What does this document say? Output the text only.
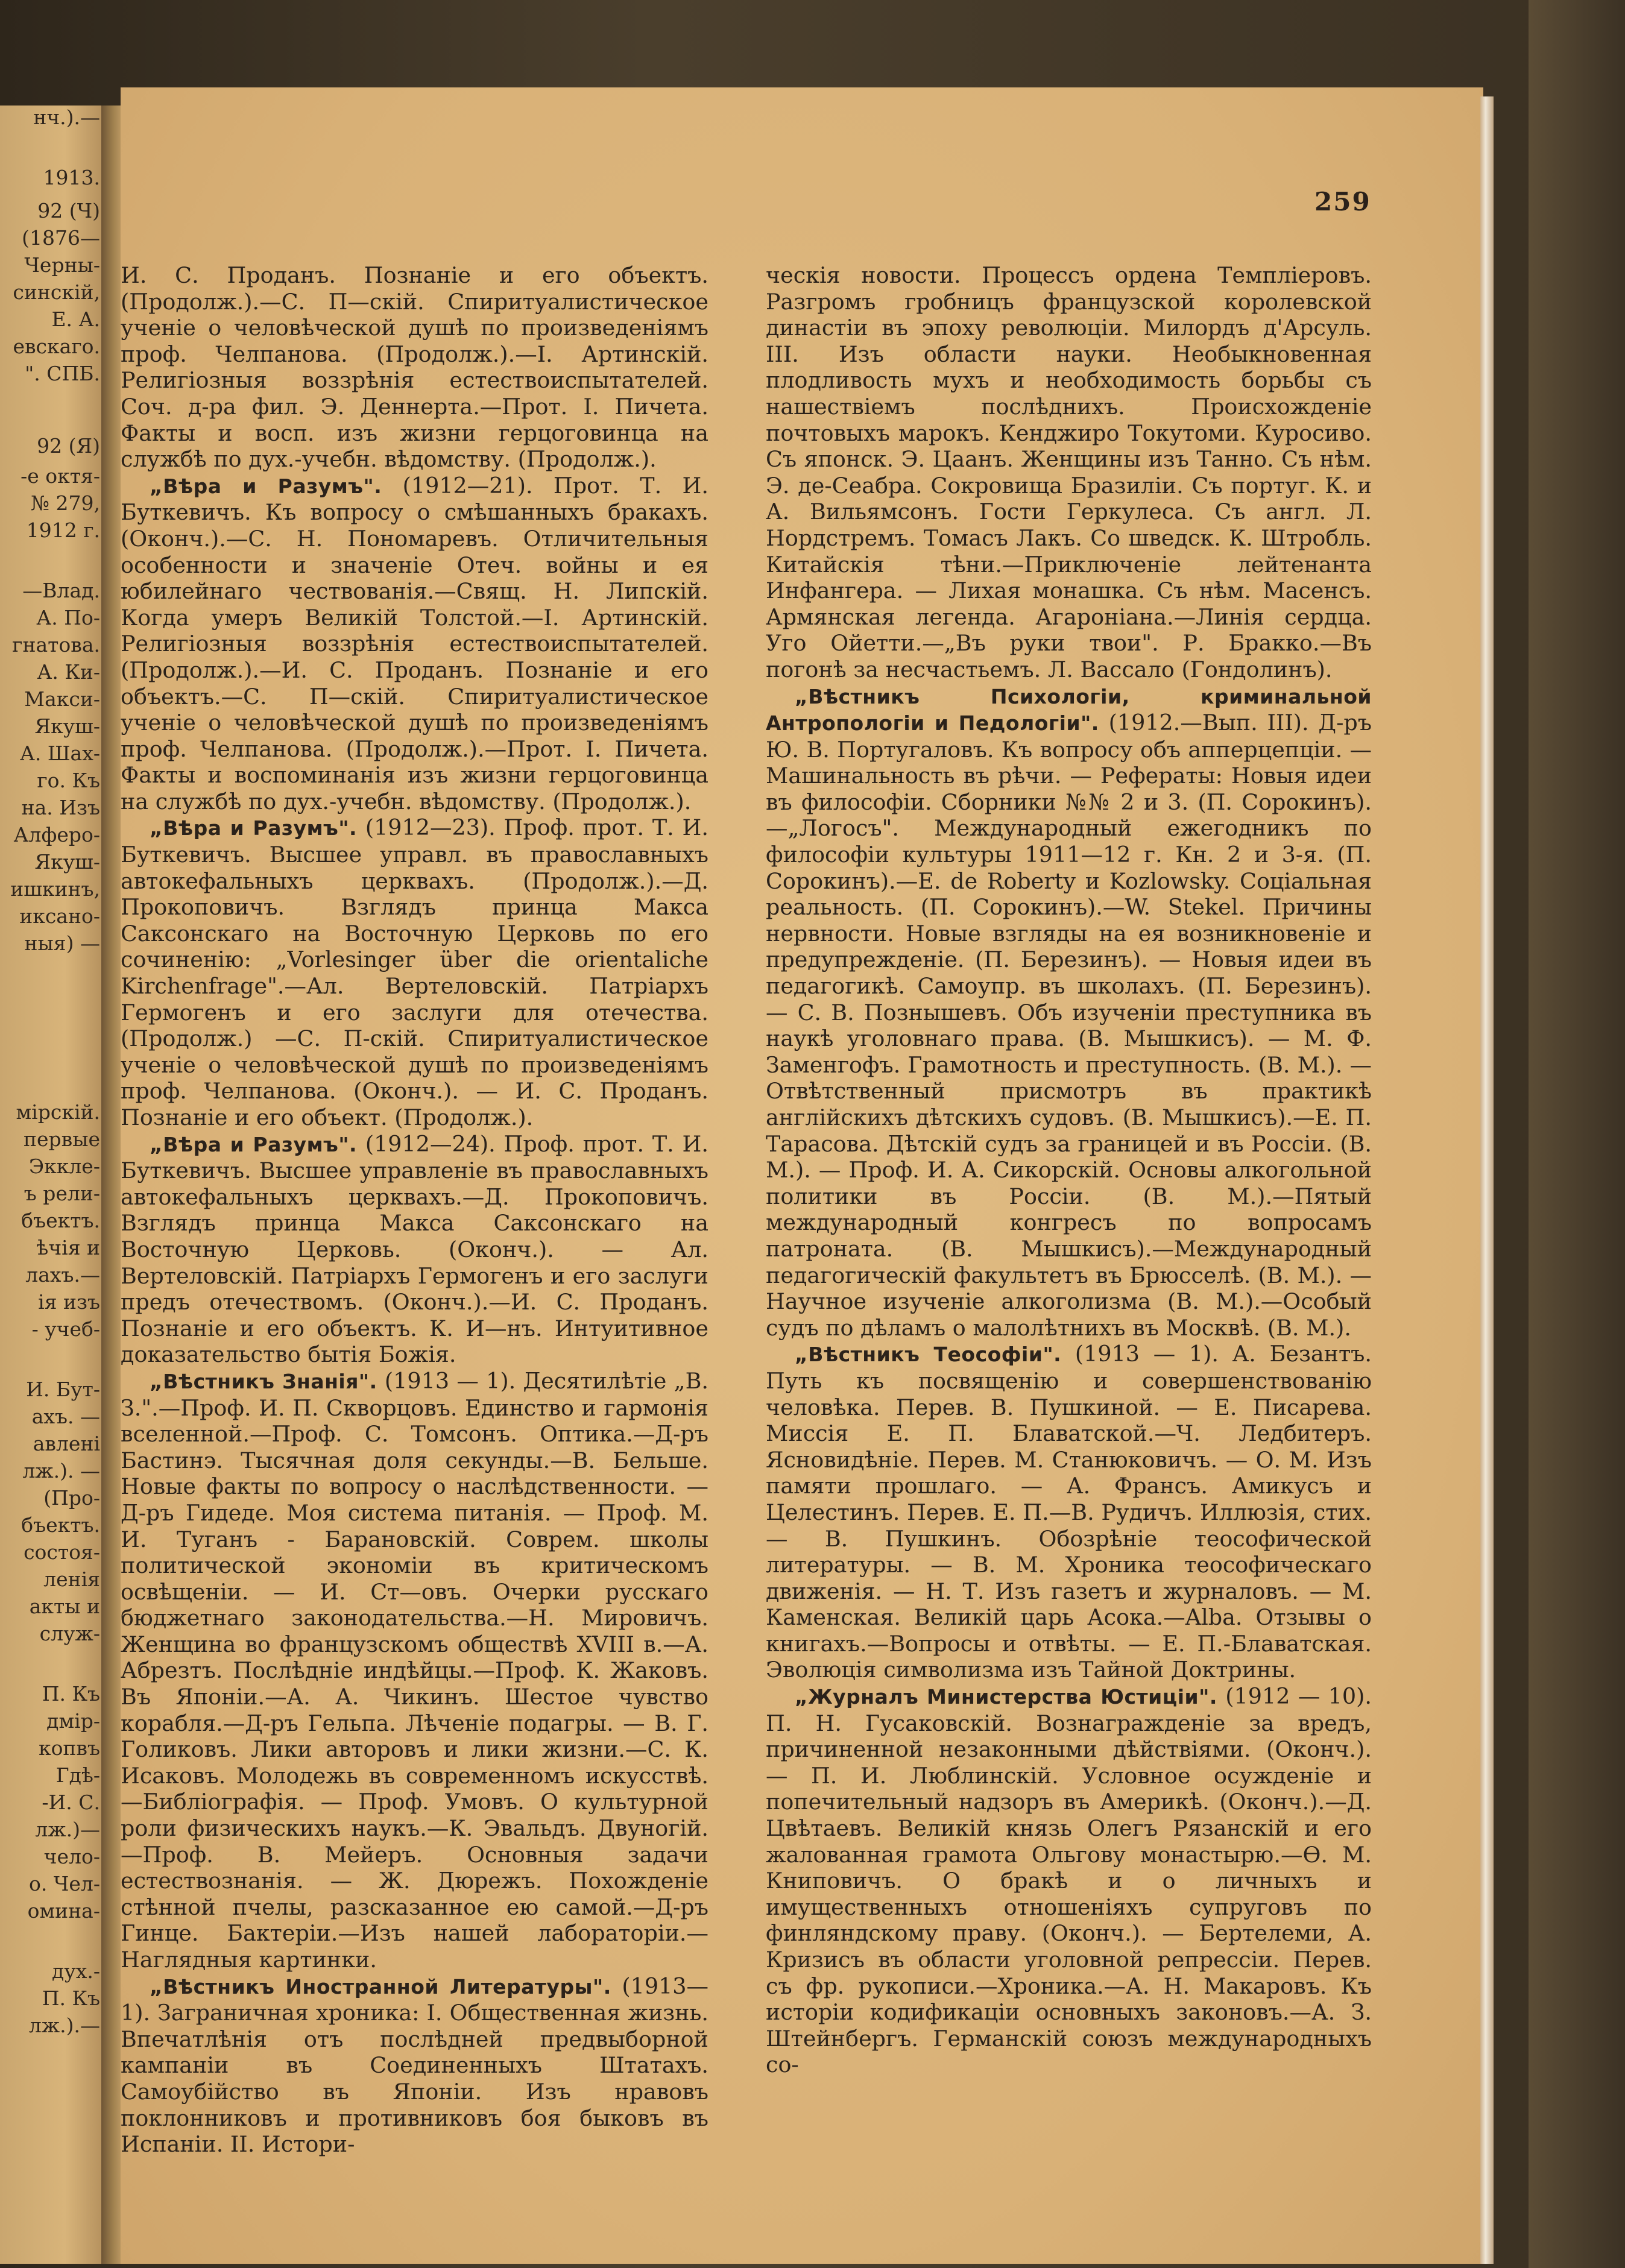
1913.
92 (Ч)
(1876—
Черны-
синскій,
Е. А.
евскаго.
". СПБ.
92 (Я)
-е октя-
№ 279,
1912 г.
—Влад.
А. По-
гнатова.
А. Ки-
Макси-
Якуш-
А. Шах-
го. Къ
на. Изъ
Алферо-
Якуш-
ишкинъ,
иксано-
ныя) —
мірскій.
первые
Эккле-
ъ рели-
бъектъ.
ѣчія и
лахъ.—
ія изъ
- учеб-
И. Бут-
ахъ. —
авлені
лж.). —
(Про-
бъектъ.
состоя-
ленія
акты и
служ-
П. Къ
дмір-
копвъ
Гдѣ-
-И. С.
лж.)—
чело-
о. Чел-
омина-
дух.-
П. Къ
лж.).—
нч.).—
259

И. С. Проданъ. Познаніе и его объектъ. (Продолж.).—С. П—скій. Спиритуалистическое ученіе о человѣческой душѣ по произведеніямъ проф. Челпанова. (Продолж.).—І. Артинскій. Религіозныя воззрѣнія естествоиспытателей. Соч. д-ра фил. Э. Деннерта.—Прот. І. Пичета. Факты и восп. изъ жизни герцоговинца на службѣ по дух.-учебн. вѣдомству. (Продолж.).

„Вѣра и Разумъ". (1912—21). Прот. Т. И. Буткевичъ. Къ вопросу о смѣшанныхъ бракахъ. (Оконч.).—С. Н. Пономаревъ. Отличительныя особенности и значеніе Отеч. войны и ея юбилейнаго чествованія.—Свящ. Н. Липскій. Когда умеръ Великій Толстой.—І. Артинскій. Религіозныя воззрѣнія естествоиспытателей. (Продолж.).—И. С. Проданъ. Познаніе и его объектъ.—С. П—скій. Спиритуалистическое ученіе о человѣческой душѣ по произведеніямъ проф. Челпанова. (Продолж.).—Прот. І. Пичета. Факты и воспоминанія изъ жизни герцоговинца на службѣ по дух.-учебн. вѣдомству. (Продолж.).

„Вѣра и Разумъ". (1912—23). Проф. прот. Т. И. Буткевичъ. Высшее управл. въ православныхъ автокефальныхъ церквахъ. (Продолж.).—Д. Прокоповичъ. Взглядъ принца Макса Саксонскаго на Восточную Церковь по его сочиненію: „Vorlesinger über die orientaliche Kirchenfrage".—Ал. Вертеловскій. Патріархъ Гермогенъ и его заслуги для отечества. (Продолж.) —С. П-скій. Спиритуалистическое ученіе о человѣческой душѣ по произведеніямъ проф. Челпанова. (Оконч.). — И. С. Проданъ. Познаніе и его объект. (Продолж.).

„Вѣра и Разумъ". (1912—24). Проф. прот. Т. И. Буткевичъ. Высшее управленіе въ православныхъ автокефальныхъ церквахъ.—Д. Прокоповичъ. Взглядъ принца Макса Саксонскаго на Восточную Церковь. (Оконч.). — Ал. Вертеловскій. Патріархъ Гермогенъ и его заслуги предъ отечествомъ. (Оконч.).—И. С. Проданъ. Познаніе и его объектъ. К. И—нъ. Интуитивное доказательство бытія Божія.

„Вѣстникъ Знанія". (1913 — 1). Десятилѣтіе „В. З.".—Проф. И. П. Скворцовъ. Единство и гармонія вселенной.—Проф. С. Томсонъ. Оптика.—Д-ръ Бастинэ. Тысячная доля секунды.—В. Бельше. Новые факты по вопросу о наслѣдственности. — Д-ръ Гидеде. Моя система питанія. — Проф. М. И. Туганъ - Барановскій. Соврем. школы политической экономіи въ критическомъ освѣщеніи. — И. Ст—овъ. Очерки русскаго бюджетнаго законодательства.—Н. Мировичъ. Женщина во французскомъ обществѣ XVIII в.—А. Абрезтъ. Послѣдніе индѣйцы.—Проф. К. Жаковъ. Въ Японіи.—А. А. Чикинъ. Шестое чувство корабля.—Д-ръ Гельпа. Лѣченіе подагры. — В. Г. Голиковъ. Лики авторовъ и лики жизни.—С. К. Исаковъ. Молодежь въ современномъ искусствѣ.—Библіографія. — Проф. Умовъ. О культурной роли физическихъ наукъ.—К. Эвальдъ. Двуногій.—Проф. В. Мейеръ. Основныя задачи естествознанія. — Ж. Дюрежъ. Похожденіе стѣнной пчелы, разсказанное ею самой.—Д-ръ Гинце. Бактеріи.—Изъ нашей лабораторіи.—Наглядныя картинки.

„Вѣстникъ Иностранной Литературы". (1913—1). Заграничная хроника: І. Общественная жизнь. Впечатлѣнія отъ послѣдней предвыборной кампаніи въ Соединенныхъ Штатахъ. Самоубійство въ Японіи. Изъ нравовъ поклонниковъ и противниковъ боя быковъ въ Испаніи. ІІ. Истори-

ческія новости. Процессъ ордена Темпліеровъ. Разгромъ гробницъ французской королевской династіи въ эпоху революціи. Милордъ д'Арсуль. ІІІ. Изъ области науки. Необыкновенная плодливость мухъ и необходимость борьбы съ нашествіемъ послѣднихъ. Происхожденіе почтовыхъ марокъ. Кенджиро Токутоми. Куросиво. Съ японск. Э. Цаанъ. Женщины изъ Танно. Съ нѣм. Э. де-Сеабра. Сокровища Бразиліи. Съ португ. К. и А. Вильямсонъ. Гости Геркулеса. Съ англ. Л. Нордстремъ. Томасъ Лакъ. Со шведск. К. Штробль. Китайскія тѣни.—Приключеніе лейтенанта Инфангера. — Лихая монашка. Съ нѣм. Масенсъ. Армянская легенда. Агароніана.—Линія сердца. Уго Ойетти.—„Въ руки твои". Р. Бракко.—Въ погонѣ за несчастьемъ. Л. Вассало (Гондолинъ).

„Вѣстникъ Психологіи, криминальной Антропологіи и Педологіи". (1912.—Вып. ІІІ). Д-ръ Ю. В. Португаловъ. Къ вопросу объ апперцепціи. — Машинальность въ рѣчи. — Рефераты: Новыя идеи въ философіи. Сборники №№ 2 и 3. (П. Сорокинъ).—„Логосъ". Международный ежегодникъ по философіи культуры 1911—12 г. Кн. 2 и 3-я. (П. Сорокинъ).—Е. de Roberty и Kozlowsky. Соціальная реальность. (П. Сорокинъ).—W. Stekel. Причины нервности. Новые взгляды на ея возникновеніе и предупрежденіе. (П. Березинъ). — Новыя идеи въ педагогикѣ. Самоупр. въ школахъ. (П. Березинъ). — С. В. Познышевъ. Объ изученіи преступника въ наукѣ уголовнаго права. (В. Мышкисъ). — М. Ф. Заменгофъ. Грамотность и преступность. (В. М.). — Отвѣтственный присмотръ въ практикѣ англійскихъ дѣтскихъ судовъ. (В. Мышкисъ).—Е. П. Тарасова. Дѣтскій судъ за границей и въ Россіи. (В. М.). — Проф. И. А. Сикорскій. Основы алкогольной политики въ Россіи. (В. М.).—Пятый международный конгресъ по вопросамъ патроната. (В. Мышкисъ).—Международный педагогическій факультетъ въ Брюсселѣ. (В. М.). — Научное изученіе алкоголизма (В. М.).—Особый судъ по дѣламъ о малолѣтнихъ въ Москвѣ. (В. М.).

„Вѣстникъ Теософіи". (1913 — 1). А. Безантъ. Путь къ посвященію и совершенствованію человѣка. Перев. В. Пушкиной. — Е. Писарева. Миссія Е. П. Блаватской.—Ч. Ледбитеръ. Ясновидѣніе. Перев. М. Станюковичъ. — О. М. Изъ памяти прошлаго. — А. Франсъ. Амикусъ и Целестинъ. Перев. Е. П.—В. Рудичъ. Иллюзія, стих. — В. Пушкинъ. Обозрѣніе теософической литературы. — В. М. Хроника теософическаго движенія. — Н. Т. Изъ газетъ и журналовъ. — М. Каменская. Великій царь Асока.—Alba. Отзывы о книгахъ.—Вопросы и отвѣты. — Е. П.-Блаватская. Эволюція символизма изъ Тайной Доктрины.

„Журналъ Министерства Юстиціи". (1912 — 10). П. Н. Гусаковскій. Вознагражденіе за вредъ, причиненной незаконными дѣйствіями. (Оконч.). — П. И. Люблинскій. Условное осужденіе и попечительный надзоръ въ Америкѣ. (Оконч.).—Д. Цвѣтаевъ. Великій князь Олегъ Рязанскій и его жалованная грамота Ольгову монастырю.—Ѳ. М. Книповичъ. О бракѣ и о личныхъ и имущественныхъ отношеніяхъ супруговъ по финляндскому праву. (Оконч.). — Бертелеми, А. Кризисъ въ области уголовной репрессіи. Перев. съ фр. рукописи.—Хроника.—А. Н. Макаровъ. Къ исторіи кодификаціи основныхъ законовъ.—А. З. Штейнбергъ. Германскій союзъ международныхъ со-
